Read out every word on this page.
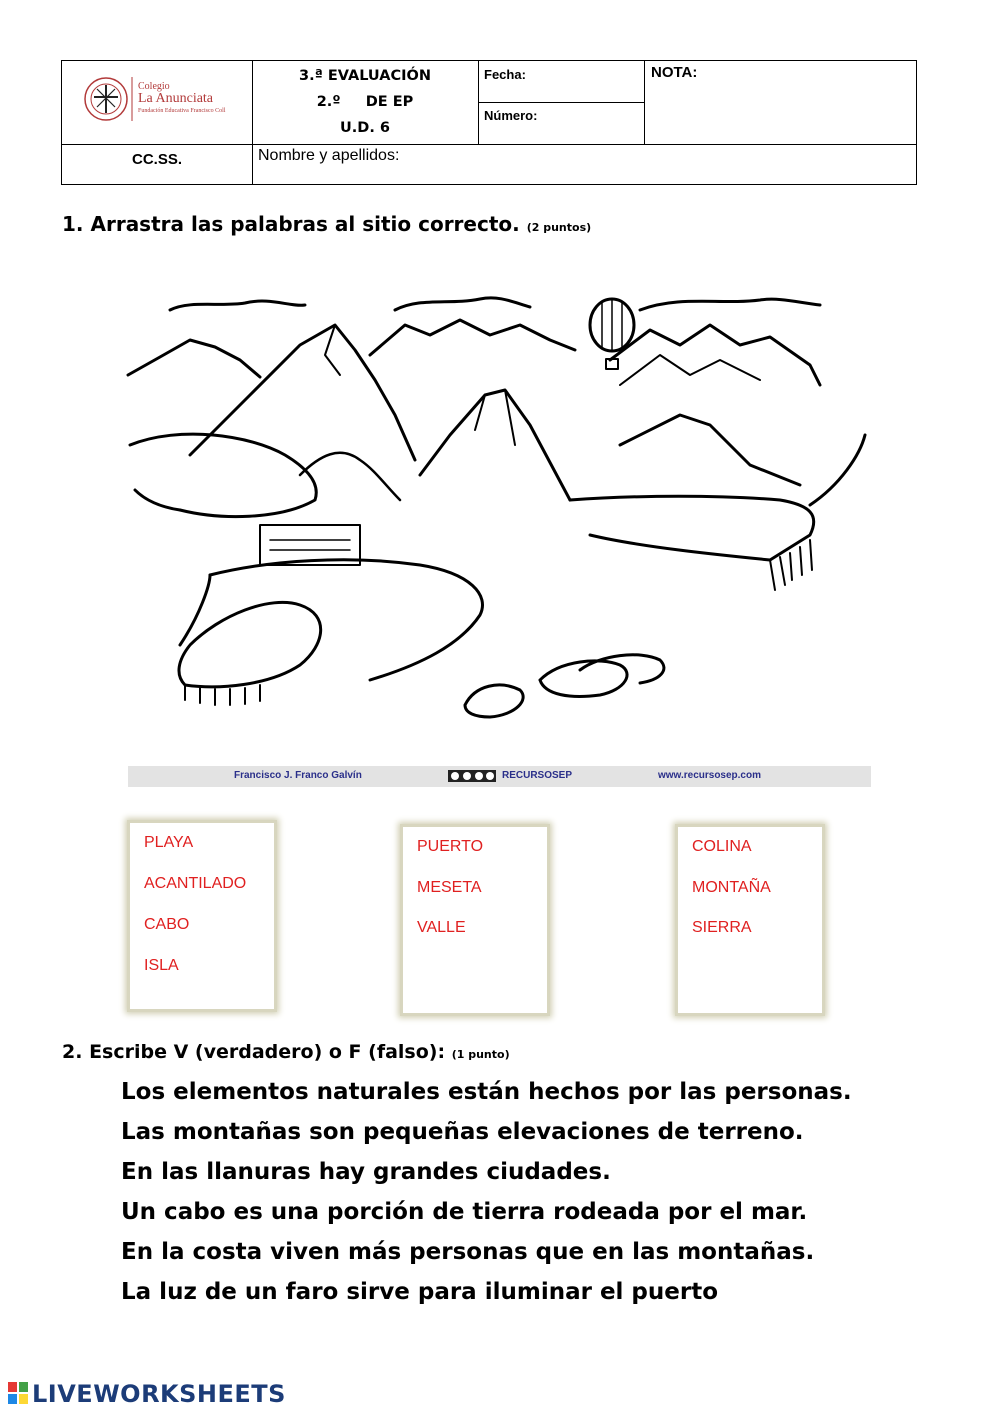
Colegio
La Anunciata
Fundación Educativa Francisco Coll
3.ª EVALUACIÓN
2.º     DE EP
U.D. 6
Fecha:
Número:
NOTA:
CC.SS.	Nombre y apellidos:
1. Arrastra las palabras al sitio correcto. (2 puntos)
Francisco J. Franco Galvín	RECURSOSEP	www.recursosep.com
PLAYA
ACANTILADO
CABO
ISLA
PUERTO
MESETA
VALLE
COLINA
MONTAÑA
SIERRA
2. Escribe V (verdadero) o F (falso): (1 punto)
Los elementos naturales están hechos por las personas.
Las montañas son pequeñas elevaciones de terreno.
En las llanuras hay grandes ciudades.
Un cabo es una porción de tierra rodeada por el mar.
En la costa viven más personas que en las montañas.
La luz de un faro sirve para iluminar el puerto
LIVEWORKSHEETS
